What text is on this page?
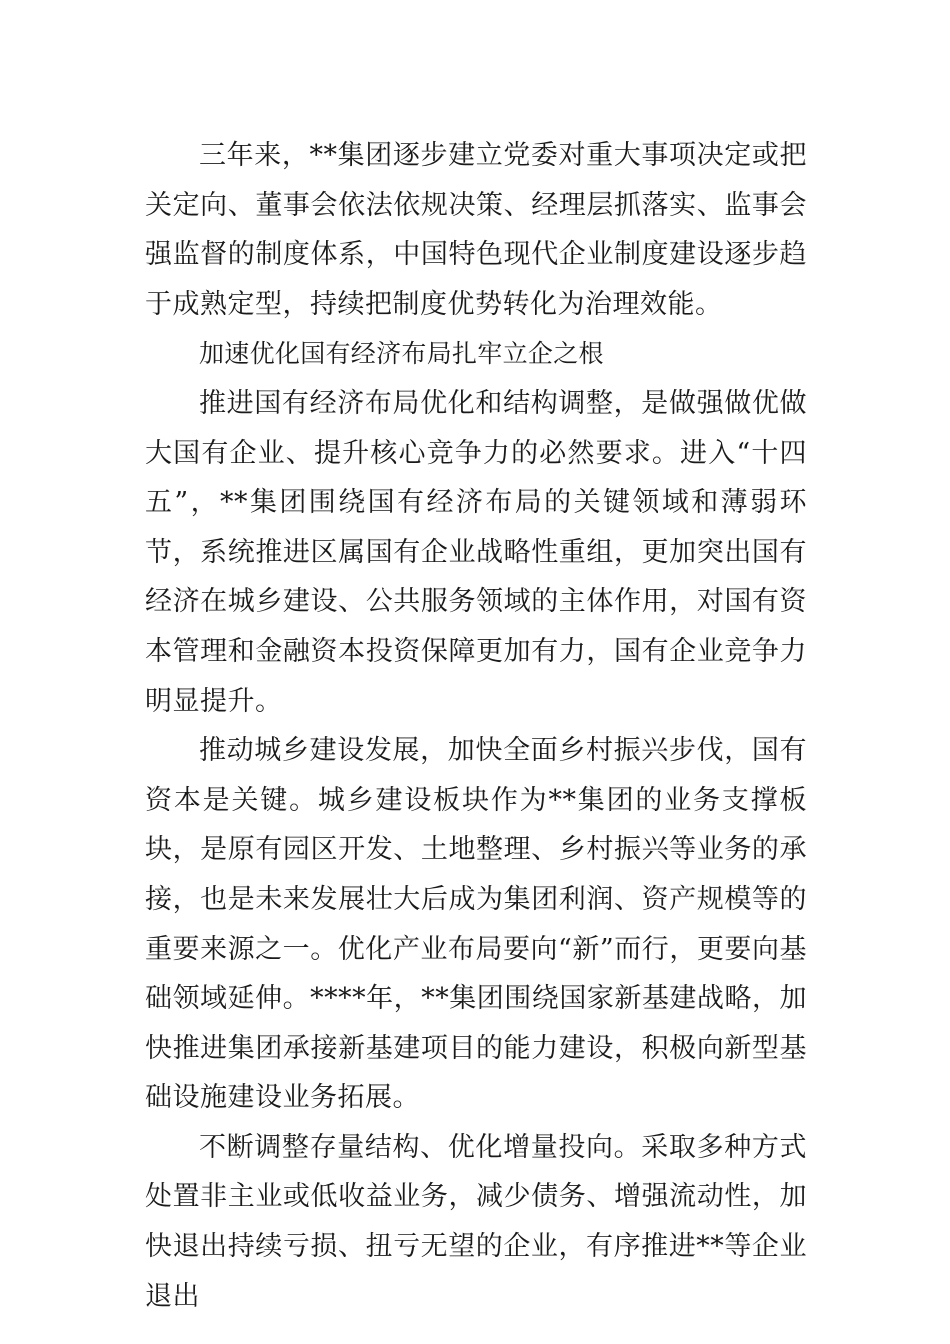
三年来，**集团逐步建立党委对重大事项决定或把关定向、董事会依法依规决策、经理层抓落实、监事会强监督的制度体系，中国特色现代企业制度建设逐步趋于成熟定型，持续把制度优势转化为治理效能。

加速优化国有经济布局扎牢立企之根

推进国有经济布局优化和结构调整，是做强做优做大国有企业、提升核心竞争力的必然要求。进入“十四五”，**集团围绕国有经济布局的关键领域和薄弱环节，系统推进区属国有企业战略性重组，更加突出国有经济在城乡建设、公共服务领域的主体作用，对国有资本管理和金融资本投资保障更加有力，国有企业竞争力明显提升。

推动城乡建设发展，加快全面乡村振兴步伐，国有资本是关键。城乡建设板块作为**集团的业务支撑板块，是原有园区开发、土地整理、乡村振兴等业务的承接，也是未来发展壮大后成为集团利润、资产规模等的重要来源之一。优化产业布局要向“新”而行，更要向基础领域延伸。****年，**集团围绕国家新基建战略，加快推进集团承接新基建项目的能力建设，积极向新型基础设施建设业务拓展。

不断调整存量结构、优化增量投向。采取多种方式处置非主业或低收益业务，减少债务、增强流动性，加快退出持续亏损、扭亏无望的企业，有序推进**等企业退出
